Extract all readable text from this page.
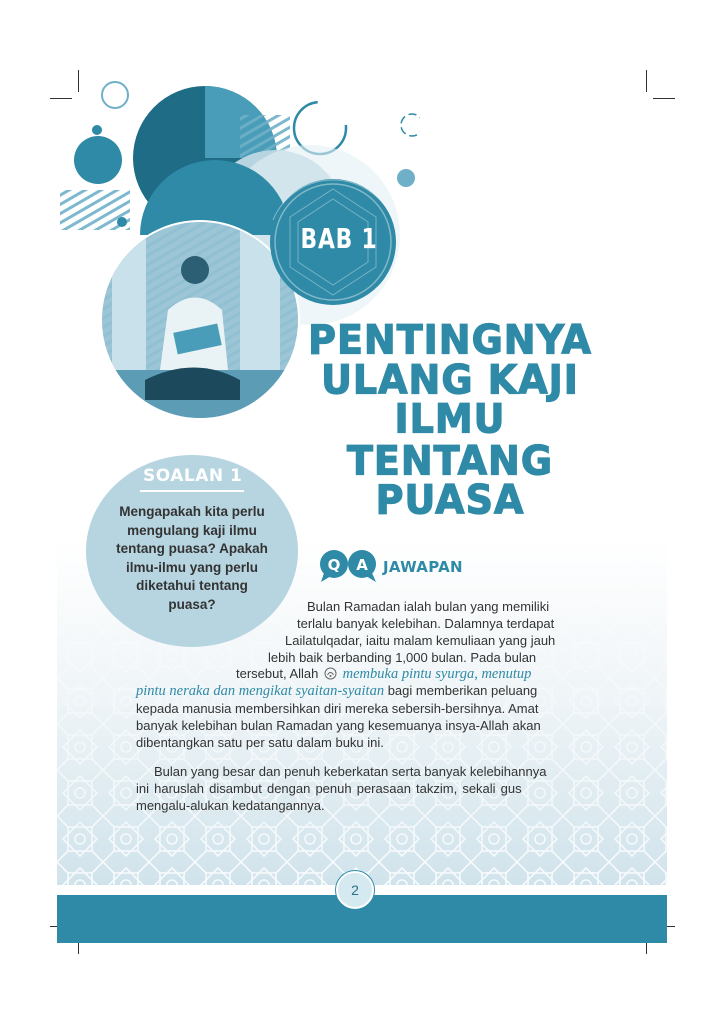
BAB 1
PENTINGNYA
ULANG KAJI
ILMU TENTANG
PUASA
SOALAN 1
Mengapakah kita perlu
mengulang kaji ilmu
tentang puasa? Apakah
ilmu-ilmu yang perlu
diketahui tentang
puasa?
Q A JAWAPAN
Bulan Ramadan ialah bulan yang memiliki
terlalu banyak kelebihan. Dalamnya terdapat
Lailatulqadar, iaitu malam kemuliaan yang jauh
lebih baik berbanding 1,000 bulan. Pada bulan
tersebut, Allah membuka pintu syurga, menutup
pintu neraka dan mengikat syaitan-syaitan bagi memberikan peluang
kepada manusia membersihkan diri mereka sebersih-bersihnya. Amat
banyak kelebihan bulan Ramadan yang kesemuanya insya-Allah akan
dibentangkan satu per satu dalam buku ini.
Bulan yang besar dan penuh keberkatan serta banyak kelebihannya
ini haruslah disambut dengan penuh perasaan takzim, sekali gus
mengalu-alukan kedatangannya.
2
